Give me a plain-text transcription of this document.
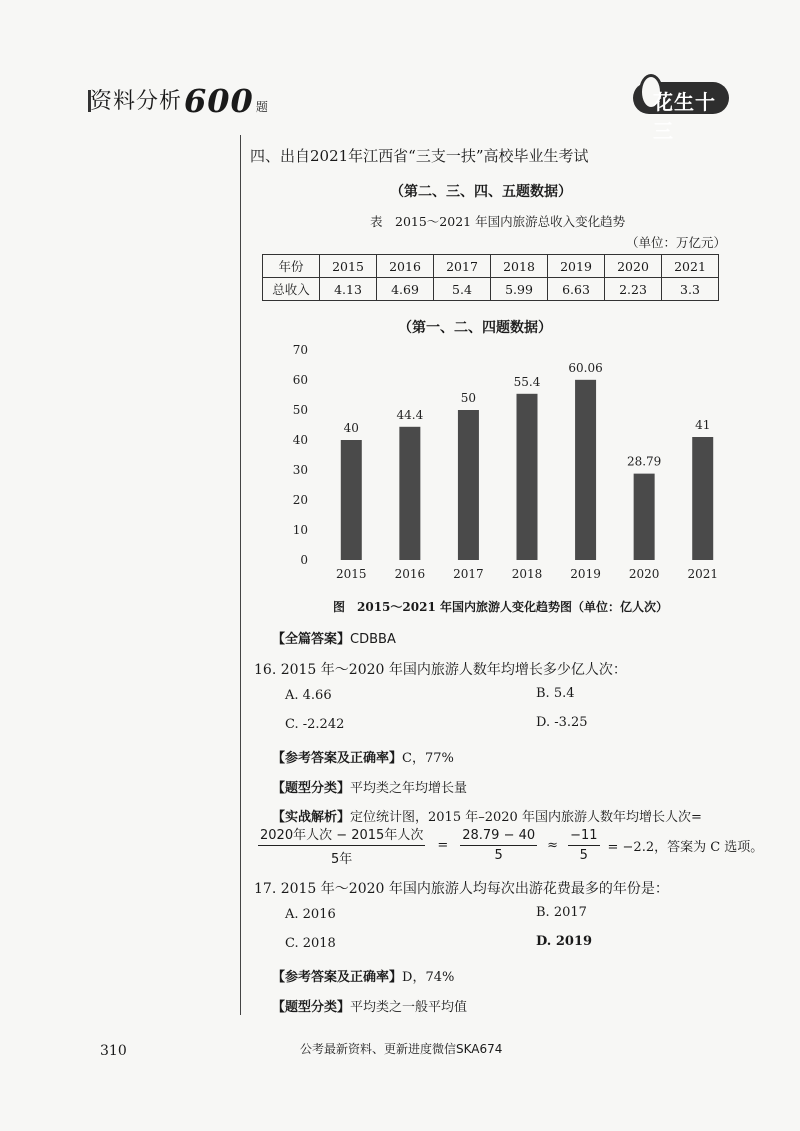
资料分析 600 题	花生十三
四、出自2021年江西省“三支一扶”高校毕业生考试
（第二、三、四、五题数据）
表　2015～2021 年国内旅游总收入变化趋势
（单位：万亿元）
年份	2015	2016	2017	2018	2019	2020	2021
总收入	4.13	4.69	5.4	5.99	6.63	2.23	3.3
（第一、二、四题数据）
0
10
20
30
40
50
60
70
40
2015
44.4
2016
50
2017
55.4
2018
60.06
2019
28.79
2020
41
2021
图　2015～2021 年国内旅游人变化趋势图（单位：亿人次）
【全篇答案】CDBBA
16. 2015 年～2020 年国内旅游人数年均增长多少亿人次：
A. 4.66	B. 5.4
C. -2.242	D. -3.25
【参考答案及正确率】C，77%
【题型分类】平均类之年均增长量
【实战解析】定位统计图，2015 年–2020 年国内旅游人数年均增长人次=
$\frac{\text{2020年人次 − 2015年人次}}{\text{5年}} = \frac{28.79 - 40}{5} \approx \frac{-11}{5} = -2.2$，答案为 C 选项。
17. 2015 年～2020 年国内旅游人均每次出游花费最多的年份是：
A. 2016	B. 2017
C. 2018	D. 2019
【参考答案及正确率】D，74%
【题型分类】平均类之一般平均值
310	公考最新资料、更新进度微信SKA674
